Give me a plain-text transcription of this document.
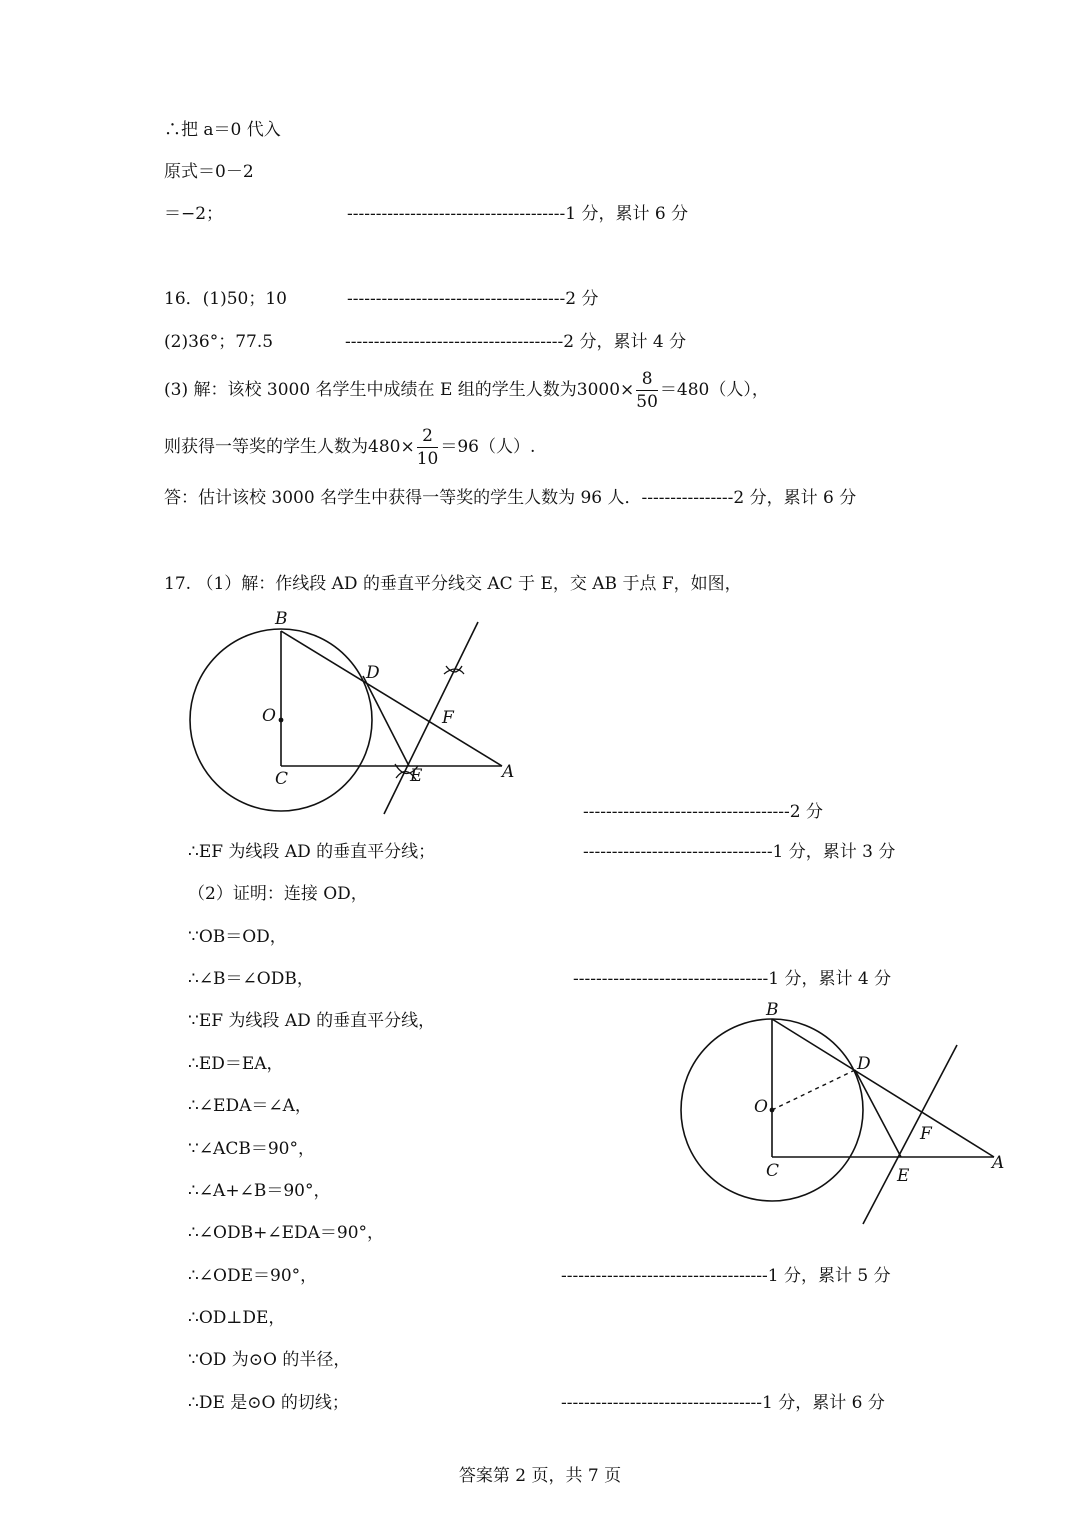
∴把 a＝0 代入
原式＝0－2
＝−2；	--------------------------------------1 分，累计 6 分
16．(1)50；10	--------------------------------------2 分
(2)36°；77.5	--------------------------------------2 分，累计 4 分
(3) 解：该校 3000 名学生中成绩在 E 组的学生人数为$3000\times \frac{8}{50} =480$（人），
则获得一等奖的学生人数为$480\times \frac{2}{10} =96$（人）.
答：估计该校 3000 名学生中获得一等奖的学生人数为 96 人．----------------2 分，累计 6 分
17. （1）解：作线段 AD 的垂直平分线交 AC 于 E，交 AB 于点 F，如图，
B
D
O	F
C	E	A
------------------------------------2 分
∴EF 为线段 AD 的垂直平分线；	---------------------------------1 分，累计 3 分
（2）证明：连接 OD，
∵OB＝OD，
∴∠B＝∠ODB，	----------------------------------1 分，累计 4 分
∵EF 为线段 AD 的垂直平分线，
∴ED＝EA，
∴∠EDA＝∠A，
∵∠ACB＝90°，
∴∠A+∠B＝90°，
∴∠ODB+∠EDA＝90°，
∴∠ODE＝90°，	------------------------------------1 分，累计 5 分
∴OD⊥DE，
∵OD 为⊙O 的半径，
∴DE 是⊙O 的切线；	-----------------------------------1 分，累计 6 分
B
D
O
F
C	E
A
答案第 2 页，共 7 页
